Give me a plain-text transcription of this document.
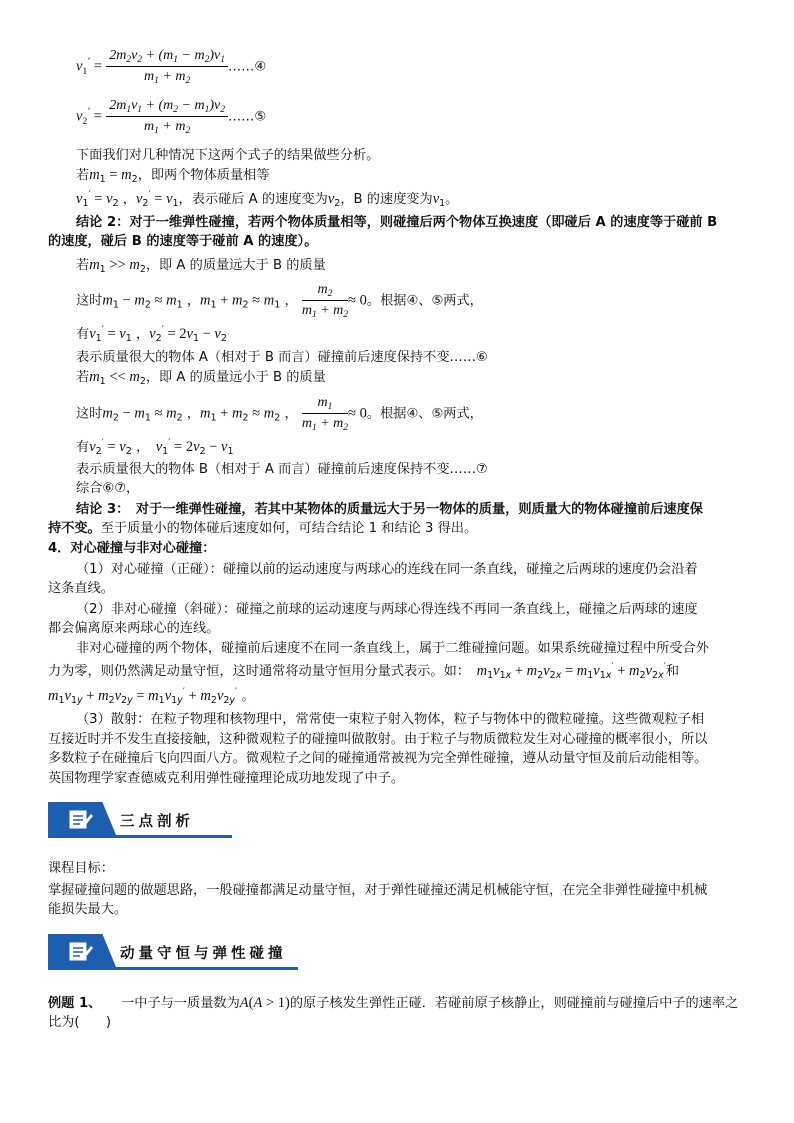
$v_1' = \frac{2m_2v_2 + (m_1 - m_2)v_1}{m_1 + m_2}$ ……④
$v_2' = \frac{2m_1v_1 + (m_2 - m_1)v_2}{m_1 + m_2}$ ……⑤
下面我们对几种情况下这两个式子的结果做些分析。
若$m_1 = m_2$，即两个物体质量相等
$v_1' = v_2$ ，$v_2' = v_1$，表示碰后 A 的速度变为$v_2$，B 的速度变为$v_1$。
结论 2：对于一维弹性碰撞，若两个物体质量相等，则碰撞后两个物体互换速度（即碰后 A 的速度等于碰前 B
的速度，碰后 B 的速度等于碰前 A 的速度）。
若$m_1 >> m_2$，即 A 的质量远大于 B 的质量
这时$m_1 - m_2 \approx m_1$ ，$m_1 + m_2 \approx m_1$ ， $\frac{m_2}{m_1 + m_2} \approx 0$。根据④、⑤两式，
有$v_1' = v_1$ ，$v_2' = 2v_1 - v_2$
表示质量很大的物体 A（相对于 B 而言）碰撞前后速度保持不变……⑥
若$m_1 << m_2$，即 A 的质量远小于 B 的质量
这时$m_2 - m_1 \approx m_2$ ，$m_1 + m_2 \approx m_2$ ， $\frac{m_1}{m_1 + m_2} \approx 0$。根据④、⑤两式，
有$v_2' = v_2$ ，　$v_1' = 2v_2 - v_1$
表示质量很大的物体 B（相对于 A 而言）碰撞前后速度保持不变……⑦
综合⑥⑦，
结论 3：　对于一维弹性碰撞，若其中某物体的质量远大于另一物体的质量，则质量大的物体碰撞前后速度保
持不变。至于质量小的物体碰后速度如何，可结合结论 1 和结论 3 得出。
4．对心碰撞与非对心碰撞：
（1）对心碰撞（正碰）：碰撞以前的运动速度与两球心的连线在同一条直线，碰撞之后两球的速度仍会沿着
这条直线。
（2）非对心碰撞（斜碰）：碰撞之前球的运动速度与两球心得连线不再同一条直线上，碰撞之后两球的速度
都会偏离原来两球心的连线。
非对心碰撞的两个物体，碰撞前后速度不在同一条直线上，属于二维碰撞问题。如果系统碰撞过程中所受合外
力为零，则仍然满足动量守恒，这时通常将动量守恒用分量式表示。如：　 $m_1v_{1x} + m_2v_{2x} = m_1v_{1x}' + m_2v_{2x}'$和
$m_1v_{1y} + m_2v_{2y} = m_1v_{1y}' + m_2v_{2y}'$ 。
（3）散射：在粒子物理和核物理中，常常使一束粒子射入物体，粒子与物体中的微粒碰撞。这些微观粒子相
互接近时并不发生直接接触，这种微观粒子的碰撞叫做散射。由于粒子与物质微粒发生对心碰撞的概率很小，所以
多数粒子在碰撞后飞向四面八方。微观粒子之间的碰撞通常被视为完全弹性碰撞，遵从动量守恒及前后动能相等。
英国物理学家查德威克利用弹性碰撞理论成功地发现了中子。
三点剖析
课程目标：
掌握碰撞问题的做题思路，一般碰撞都满足动量守恒，对于弹性碰撞还满足机械能守恒，在完全非弹性碰撞中机械
能损失最大。
动量守恒与弹性碰撞
例题 1、　　 一中子与一质量数为A(A > 1)的原子核发生弹性正碰．若碰前原子核静止，则碰撞前与碰撞后中子的速率之
比为(　　)
